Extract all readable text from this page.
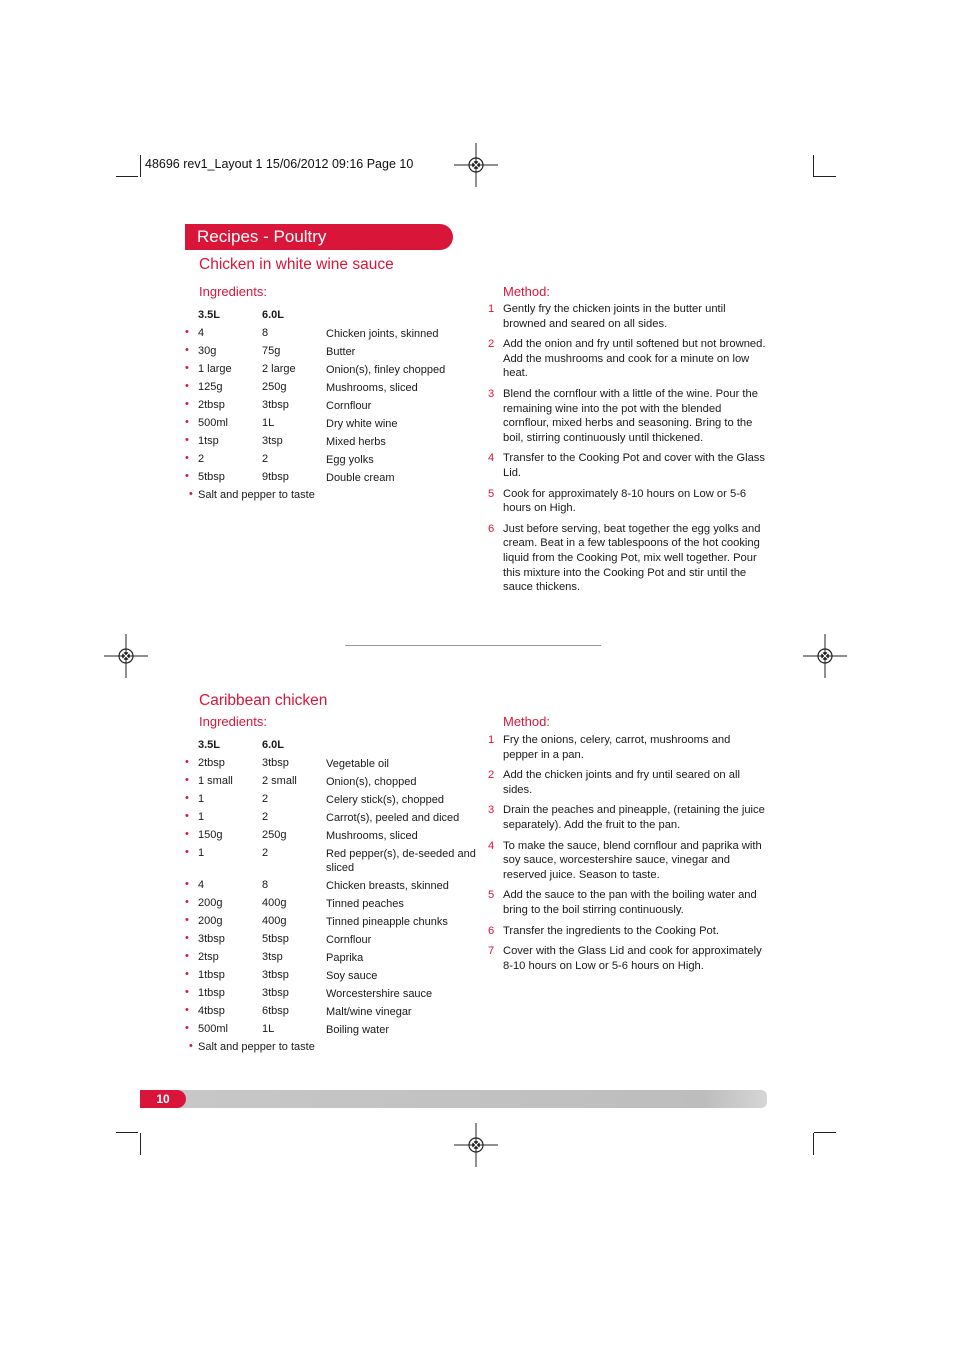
48696 rev1_Layout 1 15/06/2012 09:16 Page 10
Recipes - Poultry
Chicken in white wine sauce
Ingredients:	Method:
3.5L	6.0L
• 4	8	Chicken joints, skinned
• 30g	75g	Butter
• 1 large	2 large	Onion(s), finley chopped
• 125g	250g	Mushrooms, sliced
• 2tbsp	3tbsp	Cornflour
• 500ml	1L	Dry white wine
• 1tsp	3tsp	Mixed herbs
• 2	2	Egg yolks
• 5tbsp	9tbsp	Double cream
• Salt and pepper to taste
1 Gently fry the chicken joints in the butter until browned and seared on all sides.
2 Add the onion and fry until softened but not browned. Add the mushrooms and cook for a minute on low heat.
3 Blend the cornflour with a little of the wine. Pour the remaining wine into the pot with the blended cornflour, mixed herbs and seasoning. Bring to the boil, stirring continuously until thickened.
4 Transfer to the Cooking Pot and cover with the Glass Lid.
5 Cook for approximately 8-10 hours on Low or 5-6 hours on High.
6 Just before serving, beat together the egg yolks and cream. Beat in a few tablespoons of the hot cooking liquid from the Cooking Pot, mix well together. Pour this mixture into the Cooking Pot and stir until the sauce thickens.
Caribbean chicken
Ingredients:	Method:
3.5L	6.0L
• 2tbsp	3tbsp	Vegetable oil
• 1 small	2 small	Onion(s), chopped
• 1	2	Celery stick(s), chopped
• 1	2	Carrot(s), peeled and diced
• 150g	250g	Mushrooms, sliced
• 1	2	Red pepper(s), de-seeded and sliced
• 4	8	Chicken breasts, skinned
• 200g	400g	Tinned peaches
• 200g	400g	Tinned pineapple chunks
• 3tbsp	5tbsp	Cornflour
• 2tsp	3tsp	Paprika
• 1tbsp	3tbsp	Soy sauce
• 1tbsp	3tbsp	Worcestershire sauce
• 4tbsp	6tbsp	Malt/wine vinegar
• 500ml	1L	Boiling water
• Salt and pepper to taste
1 Fry the onions, celery, carrot, mushrooms and pepper in a pan.
2 Add the chicken joints and fry until seared on all sides.
3 Drain the peaches and pineapple, (retaining the juice separately). Add the fruit to the pan.
4 To make the sauce, blend cornflour and paprika with soy sauce, worcestershire sauce, vinegar and reserved juice. Season to taste.
5 Add the sauce to the pan with the boiling water and bring to the boil stirring continuously.
6 Transfer the ingredients to the Cooking Pot.
7 Cover with the Glass Lid and cook for approximately 8-10 hours on Low or 5-6 hours on High.
10
